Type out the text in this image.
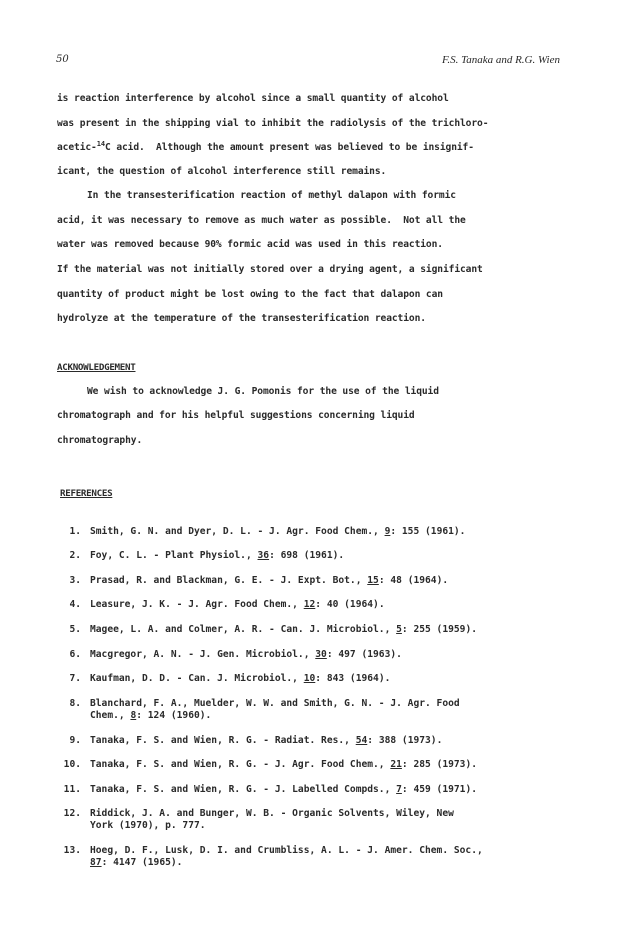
50	F.S. Tanaka and R.G. Wien
is reaction interference by alcohol since a small quantity of alcohol
was present in the shipping vial to inhibit the radiolysis of the trichloro-
acetic-$^{14}$C acid.  Although the amount present was believed to be insignif-
icant, the question of alcohol interference still remains.
In the transesterification reaction of methyl dalapon with formic
acid, it was necessary to remove as much water as possible.  Not all the
water was removed because 90% formic acid was used in this reaction.
If the material was not initially stored over a drying agent, a significant
quantity of product might be lost owing to the fact that dalapon can
hydrolyze at the temperature of the transesterification reaction.
ACKNOWLEDGEMENT
We wish to acknowledge J. G. Pomonis for the use of the liquid
chromatograph and for his helpful suggestions concerning liquid
chromatography.
REFERENCES
1. Smith, G. N. and Dyer, D. L. - J. Agr. Food Chem., 9: 155 (1961).
2. Foy, C. L. - Plant Physiol., 36: 698 (1961).
3. Prasad, R. and Blackman, G. E. - J. Expt. Bot., 15: 48 (1964).
4. Leasure, J. K. - J. Agr. Food Chem., 12: 40 (1964).
5. Magee, L. A. and Colmer, A. R. - Can. J. Microbiol., 5: 255 (1959).
6. Macgregor, A. N. - J. Gen. Microbiol., 30: 497 (1963).
7. Kaufman, D. D. - Can. J. Microbiol., 10: 843 (1964).
8. Blanchard, F. A., Muelder, W. W. and Smith, G. N. - J. Agr. Food
Chem., 8: 124 (1960).
9. Tanaka, F. S. and Wien, R. G. - Radiat. Res., 54: 388 (1973).
10. Tanaka, F. S. and Wien, R. G. - J. Agr. Food Chem., 21: 285 (1973).
11. Tanaka, F. S. and Wien, R. G. - J. Labelled Compds., 7: 459 (1971).
12. Riddick, J. A. and Bunger, W. B. - Organic Solvents, Wiley, New
York (1970), p. 777.
13. Hoeg, D. F., Lusk, D. I. and Crumbliss, A. L. - J. Amer. Chem. Soc.,
87: 4147 (1965).
